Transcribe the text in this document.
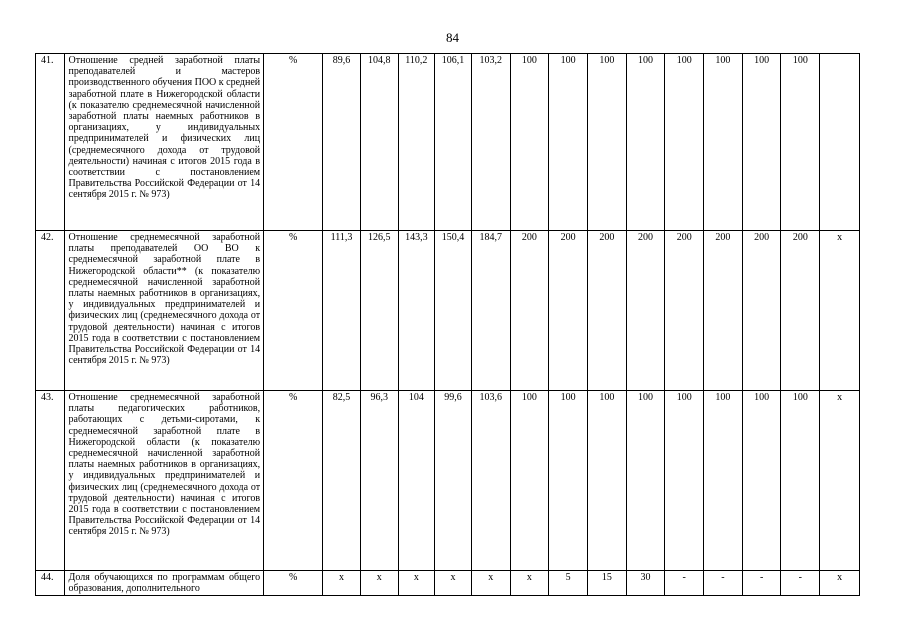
84
41.	Отношение средней заработной платы преподавателей и мастеров производственного обучения ПОО к средней заработной плате в Нижегородской области (к показателю среднемесячной начисленной заработной платы наемных работников в организациях, у индивидуальных предпринимателей и физических лиц (среднемесячного дохода от трудовой деятельности) начиная с итогов 2015 года в соответствии с постановлением Правительства Российской Федерации от 14 сентября 2015 г. № 973)	%	89,6	104,8	110,2	106,1	103,2	100	100	100	100	100	100	100	100	
42.	Отношение среднемесячной заработной платы преподавателей ОО ВО к среднемесячной заработной плате в Нижегородской области** (к показателю среднемесячной начисленной заработной платы наемных работников в организациях, у индивидуальных предпринимателей и физических лиц (среднемесячного дохода от трудовой деятельности) начиная с итогов 2015 года в соответствии с постановлением Правительства Российской Федерации от 14 сентября 2015 г. № 973)	%	111,3	126,5	143,3	150,4	184,7	200	200	200	200	200	200	200	200	x
43.	Отношение среднемесячной заработной платы педагогических работников, работающих с детьми-сиротами, к среднемесячной заработной плате в Нижегородской области (к показателю среднемесячной начисленной заработной платы наемных работников в организациях, у индивидуальных предпринимателей и физических лиц (среднемесячного дохода от трудовой деятельности) начиная с итогов 2015 года в соответствии с постановлением Правительства Российской Федерации от 14 сентября 2015 г. № 973)	%	82,5	96,3	104	99,6	103,6	100	100	100	100	100	100	100	100	x
44.	Доля обучающихся по программам общего образования, дополнительного	%	x	x	x	x	x	x	5	15	30	-	-	-	-	x
